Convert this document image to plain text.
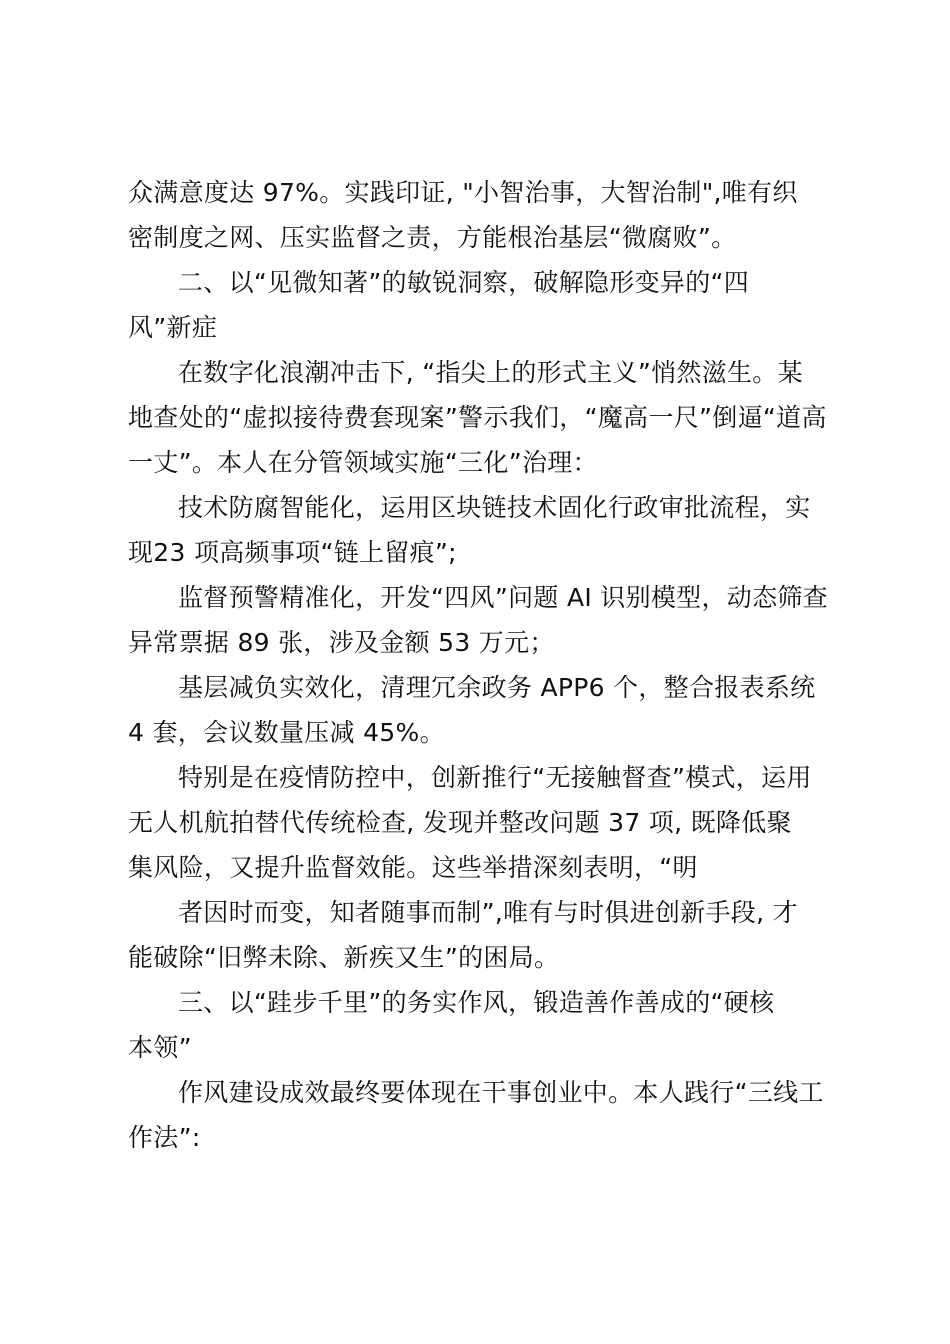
众满意度达 97%。实践印证, "小智治事，大智治制",唯有织
密制度之网、压实监督之责，方能根治基层“微腐败”。
二、以“见微知著”的敏锐洞察，破解隐形变异的“四
风”新症
在数字化浪潮冲击下, “指尖上的形式主义”悄然滋生。某
地查处的“虚拟接待费套现案”警示我们，“魔高一尺”倒逼“道高
一丈”。本人在分管领域实施“三化”治理：
技术防腐智能化，运用区块链技术固化行政审批流程，实
现23 项高频事项“链上留痕”;
监督预警精准化，开发“四风”问题 AI 识别模型，动态筛查
异常票据 89 张，涉及金额 53 万元；
基层减负实效化，清理冗余政务 APP6 个，整合报表系统
4 套，会议数量压减 45%。
特别是在疫情防控中，创新推行“无接触督查”模式，运用
无人机航拍替代传统检查, 发现并整改问题 37 项, 既降低聚
集风险，又提升监督效能。这些举措深刻表明，“明
者因时而变，知者随事而制”,唯有与时俱进创新手段, 才
能破除“旧弊未除、新疾又生”的困局。
三、以“跬步千里”的务实作风，锻造善作善成的“硬核
本领”
作风建设成效最终要体现在干事创业中。本人践行“三线工
作法”:
